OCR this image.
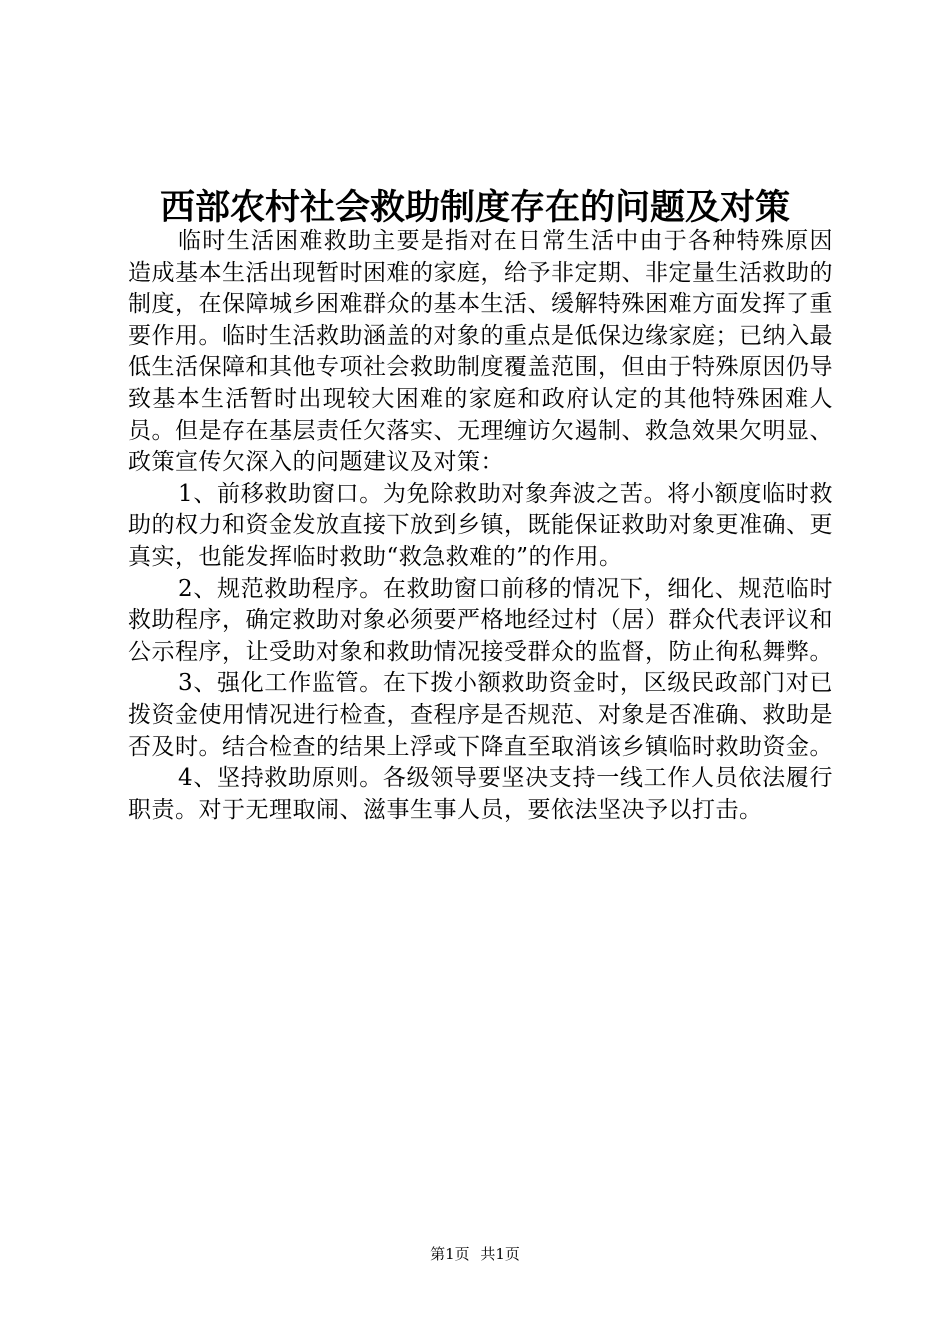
西部农村社会救助制度存在的问题及对策

临时生活困难救助主要是指对在日常生活中由于各种特殊原因造成基本生活出现暂时困难的家庭，给予非定期、非定量生活救助的制度，在保障城乡困难群众的基本生活、缓解特殊困难方面发挥了重要作用。临时生活救助涵盖的对象的重点是低保边缘家庭；已纳入最低生活保障和其他专项社会救助制度覆盖范围，但由于特殊原因仍导致基本生活暂时出现较大困难的家庭和政府认定的其他特殊困难人员。但是存在基层责任欠落实、无理缠访欠遏制、救急效果欠明显、政策宣传欠深入的问题建议及对策：

1、前移救助窗口。为免除救助对象奔波之苦。将小额度临时救助的权力和资金发放直接下放到乡镇，既能保证救助对象更准确、更真实，也能发挥临时救助“救急救难的”的作用。

2、规范救助程序。在救助窗口前移的情况下，细化、规范临时救助程序，确定救助对象必须要严格地经过村（居）群众代表评议和公示程序，让受助对象和救助情况接受群众的监督，防止徇私舞弊。

3、强化工作监管。在下拨小额救助资金时，区级民政部门对已拨资金使用情况进行检查，查程序是否规范、对象是否准确、救助是否及时。结合检查的结果上浮或下降直至取消该乡镇临时救助资金。

4、坚持救助原则。各级领导要坚决支持一线工作人员依法履行职责。对于无理取闹、滋事生事人员，要依法坚决予以打击。

第1页 共1页
